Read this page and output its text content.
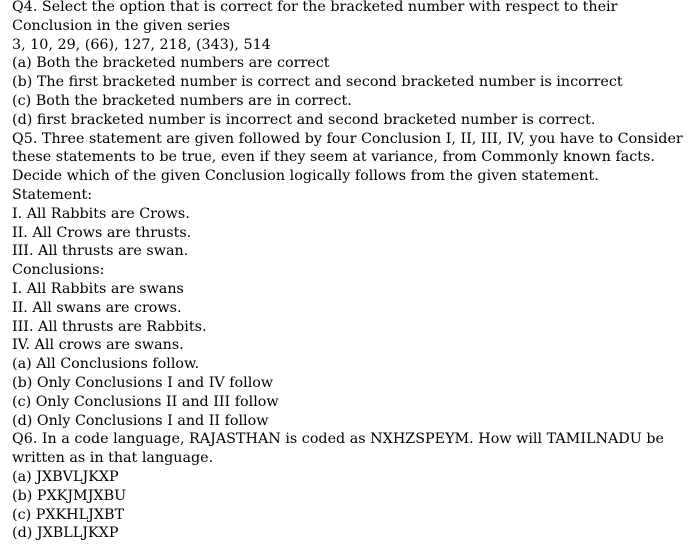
Q4. Select the option that is correct for the bracketed number with respect to their
Conclusion in the given series
3, 10, 29, (66), 127, 218, (343), 514
(a) Both the bracketed numbers are correct
(b) The first bracketed number is correct and second bracketed number is incorrect
(c) Both the bracketed numbers are in correct.
(d) first bracketed number is incorrect and second bracketed number is correct.
Q5. Three statement are given followed by four Conclusion I, II, III, IV, you have to Consider
these statements to be true, even if they seem at variance, from Commonly known facts.
Decide which of the given Conclusion logically follows from the given statement.
Statement:
I. All Rabbits are Crows.
II. All Crows are thrusts.
III. All thrusts are swan.
Conclusions:
I. All Rabbits are swans
II. All swans are crows.
III. All thrusts are Rabbits.
IV. All crows are swans.
(a) All Conclusions follow.
(b) Only Conclusions I and IV follow
(c) Only Conclusions II and III follow
(d) Only Conclusions I and II follow
Q6. In a code language, RAJASTHAN is coded as NXHZSPEYM. How will TAMILNADU be
written as in that language.
(a) JXBVLJKXP
(b) PXKJMJXBU
(c) PXKHLJXBT
(d) JXBLLJKXP
